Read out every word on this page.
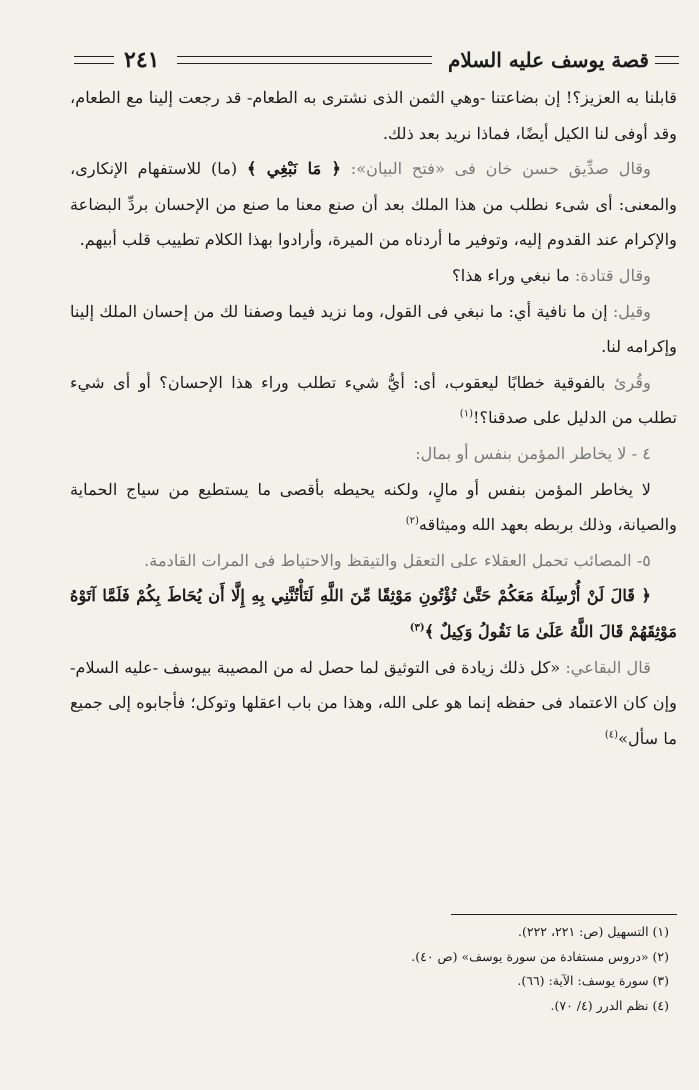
قصة يوسف عليه السلام
٢٤١

قابلنا به العزيز؟! إن بضاعتنا -وهي الثمن الذى نشترى به الطعام- قد رجعت إلينا مع الطعام، وقد أوفى لنا الكيل أيضًا، فماذا نريد بعد ذلك.

وقال صدِّيق حسن خان فى «فتح البيان»: ﴿ مَا نَبْغِي ﴾ (ما) للاستفهام الإنكارى، والمعنى: أى شىء نطلب من هذا الملك بعد أن صنع معنا ما صنع من الإحسان بردِّ البضاعة والإكرام عند القدوم إليه، وتوفير ما أردناه من الميرة، وأرادوا بهذا الكلام تطييب قلب أبيهم.

وقال قتادة: ما نبغي وراء هذا؟

وقيل: إن ما نافية أي: ما نبغي فى القول، وما نزيد فيما وصفنا لك من إحسان الملك إلينا وإكرامه لنا.

وقُرئ بالفوقية خطابًا ليعقوب، أى: أيُّ شيء تطلب وراء هذا الإحسان؟ أو أى شيء تطلب من الدليل على صدقنا؟!$^{(١)}$

٤ - لا يخاطر المؤمن بنفس أو بمال:

لا يخاطر المؤمن بنفس أو مالٍ، ولكنه يحيطه بأقصى ما يستطيع من سياج الحماية والصيانة، وذلك بربطه بعهد الله وميثاقه$^{(٢)}$

٥- المصائب تحمل العقلاء على التعقل والتيقظ والاحتياط فى المرات القادمة.

﴿ قَالَ لَنْ أُرْسِلَهُ مَعَكُمْ حَتَّىٰ تُؤْتُونِ مَوْثِقًا مِّنَ اللَّهِ لَتَأْتُنَّنِي بِهِ إِلَّا أَن يُحَاطَ بِكُمْ فَلَمَّا آتَوْهُ مَوْثِقَهُمْ قَالَ اللَّهُ عَلَىٰ مَا نَقُولُ وَكِيلٌ ﴾$^{(٣)}$

قال البقاعي: «كل ذلك زيادة فى التوثيق لما حصل له من المصيبة بيوسف -عليه السلام- وإن كان الاعتماد فى حفظه إنما هو على الله، وهذا من باب اعقلها وتوكل؛ فأجابوه إلى جميع ما سأل»$^{(٤)}$

(١) التسهيل (ص: ٢٢١، ٢٢٢).
(٢) «دروس مستفادة من سورة يوسف» (ص ٤٠).
(٣) سورة يوسف: الآية: (٦٦).
(٤) نظم الدرر (٤/ ٧٠).
